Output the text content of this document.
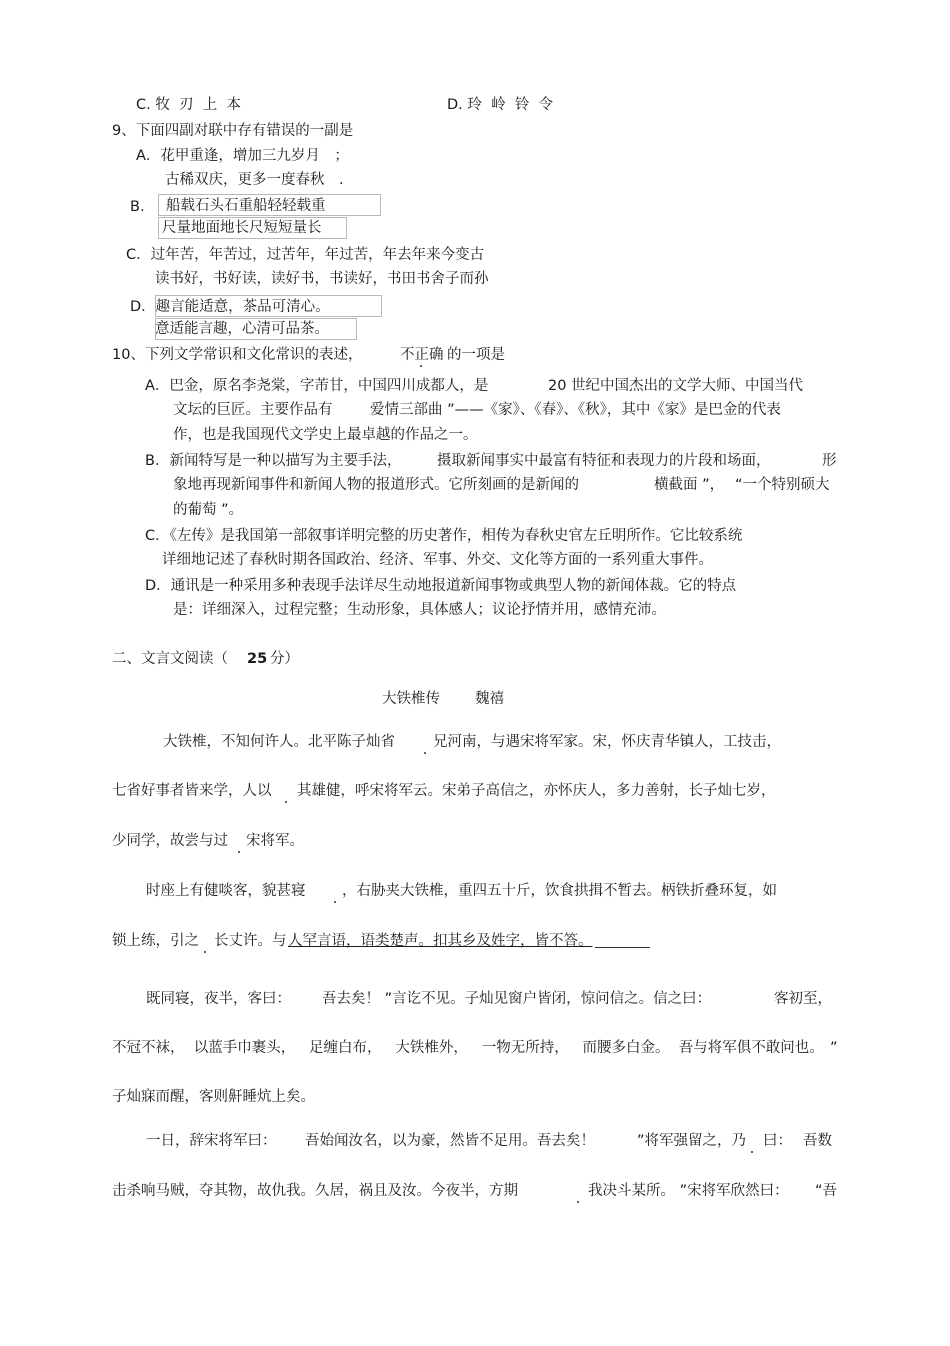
C. 牧  刃  上  本	D. 玲  岭  铃  令
9、下面四副对联中存有错误的一副是
A．花甲重逢，增加三九岁月　；
古稀双庆，更多一度春秋　.
B. 船载石头石重船轻轻载重
尺量地面地长尺短短量长
C．过年苦，年苦过，过苦年，年过苦，年去年来今变古
读书好，书好读，读好书，书读好，书田书舍子而孙
D．趣言能适意，茶品可清心。
意适能言趣，心清可品茶。
10、下列文学常识和文化常识的表述，	不正确 的一项是
A．巴金，原名李尧棠，字芾甘，中国四川成都人，是	20 世纪中国杰出的文学大师、中国当代
文坛的巨匠。主要作品有	爱情三部曲 ”——《家》、《春》、《秋》，其中《家》是巴金的代表
作，也是我国现代文学史上最卓越的作品之一。
B．新闻特写是一种以描写为主要手法， 摄取新闻事实中最富有特征和表现力的片段和场面，	形
象地再现新闻事件和新闻人物的报道形式。它所刻画的是新闻的	横截面 ”， “一个特别硕大
的葡萄 ”。
C．《左传》是我国第一部叙事详明完整的历史著作，相传为春秋史官左丘明所作。它比较系统
详细地记述了春秋时期各国政治、经济、军事、外交、文化等方面的一系列重大事件。
D．通讯是一种采用多种表现手法详尽生动地报道新闻事物或典型人物的新闻体裁。它的特点
是：详细深入，过程完整；生动形象，具体感人；议论抒情并用，感情充沛。
二、文言文阅读（ 25 分）
大铁椎传 魏禧
大铁椎，不知何许人。北平陈子灿省	兄河南，与遇宋将军家。宋，怀庆青华镇人，工技击，
七省好事者皆来学，人以 其雄健，呼宋将军云。宋弟子高信之，亦怀庆人，多力善射，长子灿七岁，
少同学，故尝与过 宋将军。
时座上有健啖客，貌甚寝	，右胁夹大铁椎，重四五十斤，饮食拱揖不暂去。柄铁折叠环复，如
锁上练，引之 长丈许。与 人罕言语，语类楚声。扣其乡及姓字，皆不答。
既同寝，夜半，客曰： 吾去矣！ ”言讫不见。子灿见窗户皆闭，惊问信之。信之曰：	客初至，
不冠不袜，  以蓝手巾裹头，   足缠白布，   大铁椎外，   一物无所持，   而腰多白金。  吾与将军俱不敢问也。 ”
子灿寐而醒，客则鼾睡炕上矣。
一日，辞宋将军曰： 吾始闻汝名，以为豪，然皆不足用。吾去矣！	”将军强留之，乃 曰： 吾数
击杀响马贼，夺其物，故仇我。久居，祸且及汝。今夜半，方期	我决斗某所。 ”宋将军欣然曰： “吾
